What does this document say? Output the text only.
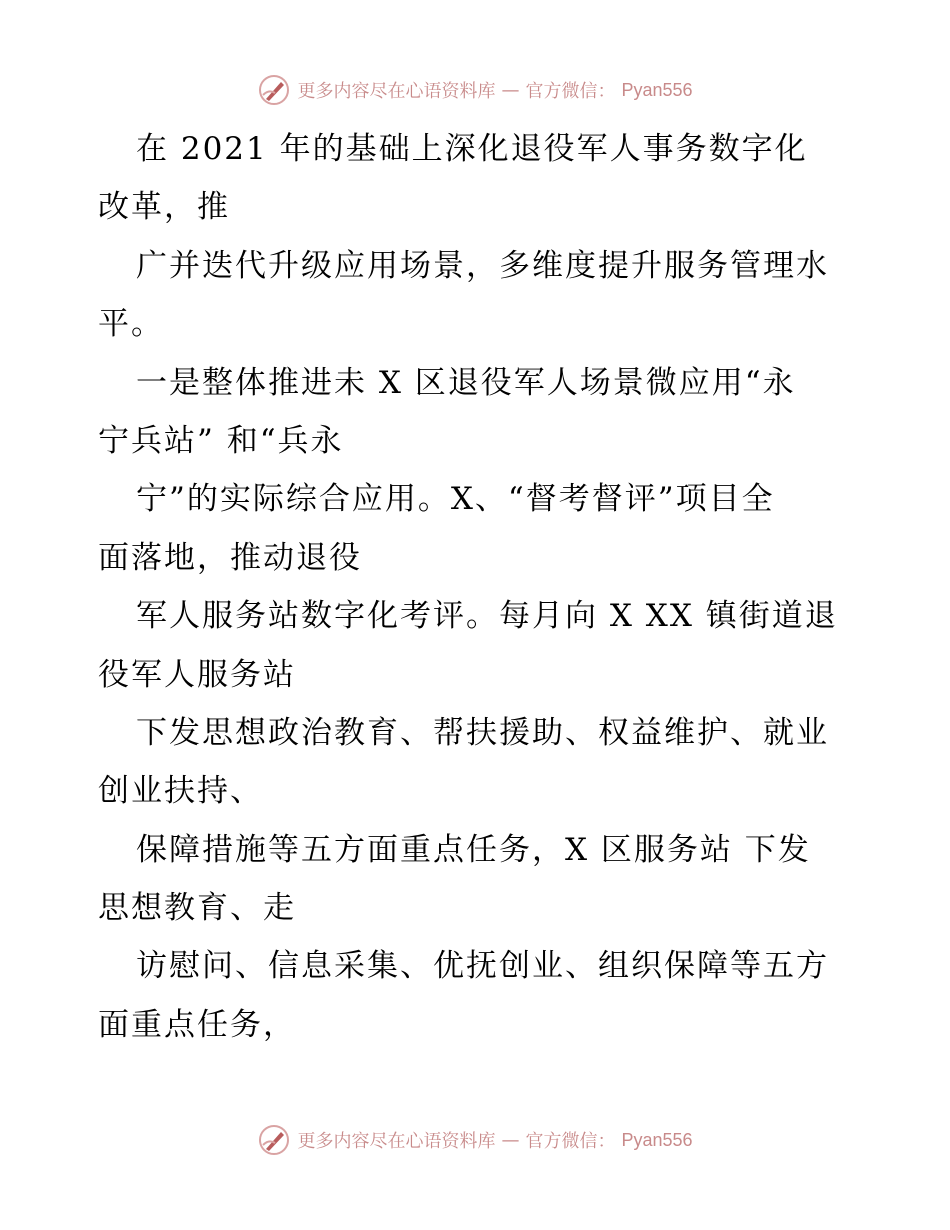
更多内容尽在心语资料库 — 官方微信： Pyan556
在 2021 年的基础上深化退役军人事务数字化
改革，推
广并迭代升级应用场景，多维度提升服务管理水
平。
一是整体推进未 X 区退役军人场景微应用“永
宁兵站” 和“兵永
宁”的实际综合应用。X、“督考督评”项目全
面落地，推动退役
军人服务站数字化考评。每月向 X XX 镇街道退
役军人服务站
下发思想政治教育、帮扶援助、权益维护、就业
创业扶持、
保障措施等五方面重点任务，X 区服务站 下发
思想教育、走
访慰问、信息采集、优抚创业、组织保障等五方
面重点任务，
更多内容尽在心语资料库 — 官方微信： Pyan556
